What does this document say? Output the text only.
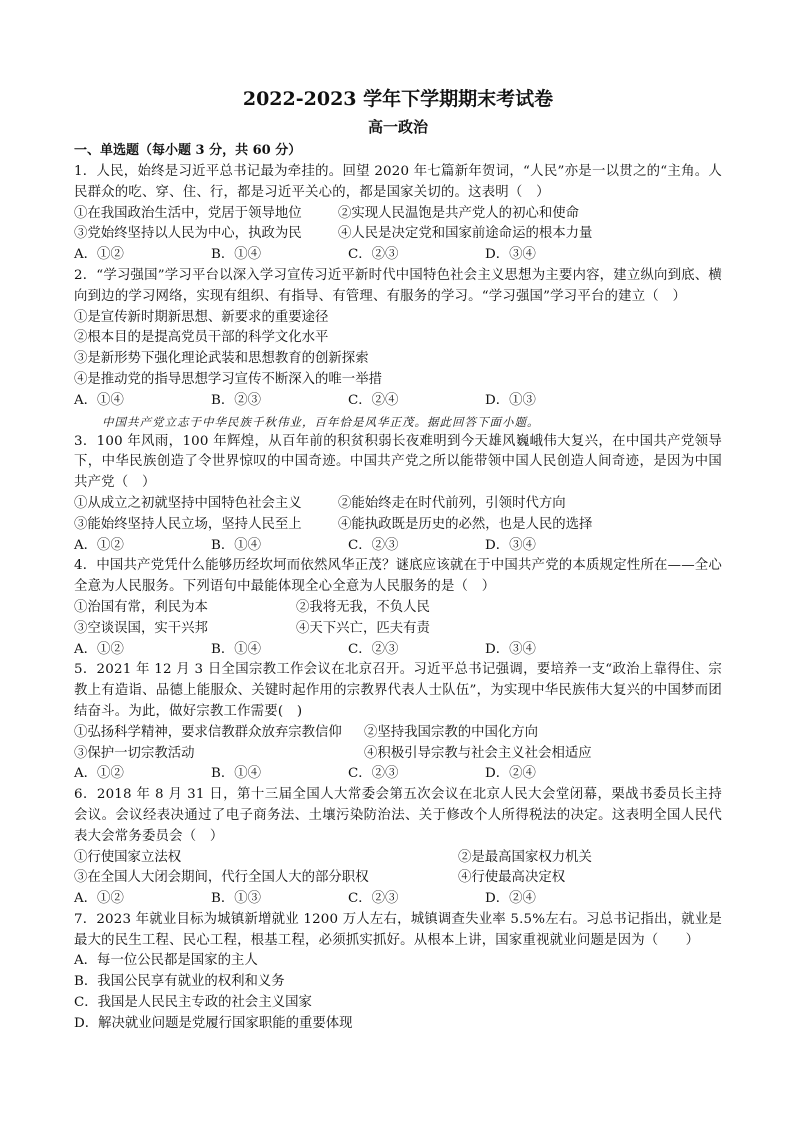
2022-2023 学年下学期期末考试卷
高一政治

一、单选题（每小题 3 分，共 60 分）

1．人民，始终是习近平总书记最为牵挂的。回望 2020 年七篇新年贺词，“人民”亦是一以贯之的“主角。人民群众的吃、穿、住、行，都是习近平关心的，都是国家关切的。这表明（　）

①在我国政治生活中，党居于领导地位	②实现人民温饱是共产党人的初心和使命
③党始终坚持以人民为中心，执政为民	④人民是决定党和国家前途命运的根本力量
A．①②	B．①④	C．②③	D．③④

2．“学习强国”学习平台以深入学习宣传习近平新时代中国特色社会主义思想为主要内容，建立纵向到底、横向到边的学习网络，实现有组织、有指导、有管理、有服务的学习。“学习强国”学习平台的建立（　）

①是宣传新时期新思想、新要求的重要途径

②根本目的是提高党员干部的科学文化水平

③是新形势下强化理论武装和思想教育的创新探索

④是推动党的指导思想学习宣传不断深入的唯一举措

A．①④	B．②③	C．②④	D．①③

中国共产党立志于中华民族千秋伟业，百年恰是风华正茂。据此回答下面小题。

3．100 年风雨，100 年辉煌，从百年前的积贫积弱长夜难明到今天雄风巍峨伟大复兴，在中国共产党领导下，中华民族创造了令世界惊叹的中国奇迹。中国共产党之所以能带领中国人民创造人间奇迹，是因为中国共产党（　）

①从成立之初就坚持中国特色社会主义	②能始终走在时代前列，引领时代方向
③能始终坚持人民立场，坚持人民至上	④能执政既是历史的必然，也是人民的选择
A．①②	B．①④	C．②③	D．③④

4．中国共产党凭什么能够历经坎坷而依然风华正茂？谜底应该就在于中国共产党的本质规定性所在——全心全意为人民服务。下列语句中最能体现全心全意为人民服务的是（　）

①治国有常，利民为本	②我将无我，不负人民
③空谈误国，实干兴邦	④天下兴亡，匹夫有责
A．①②	B．①④	C．②③	D．③④

5．2021 年 12 月 3 日全国宗教工作会议在北京召开。习近平总书记强调，要培养一支“政治上靠得住、宗教上有造诣、品德上能服众、关键时起作用的宗教界代表人士队伍”，为实现中华民族伟大复兴的中国梦而团结奋斗。为此，做好宗教工作需要(　)

①弘扬科学精神，要求信教群众放弃宗教信仰	②坚持我国宗教的中国化方向
③保护一切宗教活动	④积极引导宗教与社会主义社会相适应
A．①②	B．①④	C．②③	D．②④

6．2018 年 8 月 31 日，第十三届全国人大常委会第五次会议在北京人民大会堂闭幕，栗战书委员长主持会议。会议经表决通过了电子商务法、土壤污染防治法、关于修改个人所得税法的决定。这表明全国人民代表大会常务委员会（　）

①行使国家立法权	②是最高国家权力机关
③在全国人大闭会期间，代行全国人大的部分职权	④行使最高决定权
A．①②	B．①③	C．②③	D．②④

7．2023 年就业目标为城镇新增就业 1200 万人左右，城镇调查失业率 5.5%左右。习总书记指出，就业是最大的民生工程、民心工程，根基工程，必须抓实抓好。从根本上讲，国家重视就业问题是因为（　　）

A．每一位公民都是国家的主人

B．我国公民享有就业的权利和义务

C．我国是人民民主专政的社会主义国家

D．解决就业问题是党履行国家职能的重要体现
